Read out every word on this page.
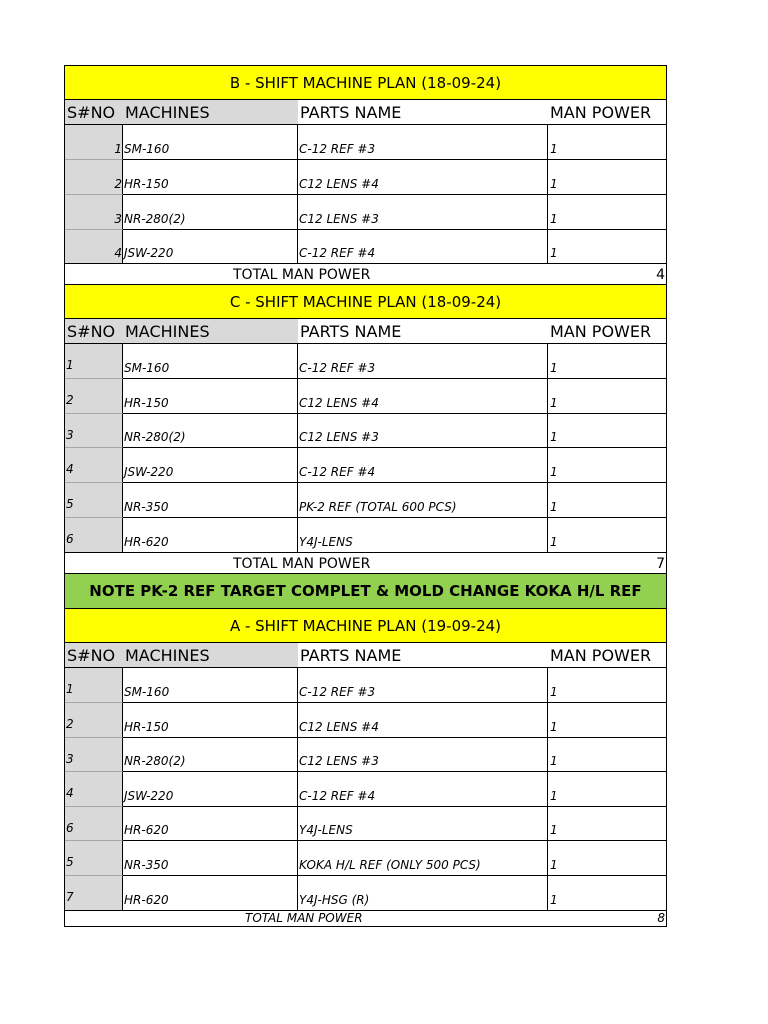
B - SHIFT MACHINE PLAN (18-09-24)
S#NO MACHINES	PARTS NAME	MAN POWER
1 SM-160	C-12 REF #3	1
2 HR-150	C12 LENS #4	1
3 NR-280(2)	C12 LENS #3	1
4 JSW-220	C-12 REF #4	1
TOTAL MAN POWER	4
C - SHIFT MACHINE PLAN (18-09-24)
S#NO MACHINES	PARTS NAME	MAN POWER
1	SM-160	C-12 REF #3	1
2	HR-150	C12 LENS #4	1
3	NR-280(2)	C12 LENS #3	1
4	JSW-220	C-12 REF #4	1
5	NR-350	PK-2 REF (TOTAL 600 PCS)	1
6	HR-620	Y4J-LENS	1
TOTAL MAN POWER	7
NOTE PK-2 REF TARGET COMPLET & MOLD CHANGE KOKA H/L REF
A - SHIFT MACHINE PLAN (19-09-24)
S#NO MACHINES	PARTS NAME	MAN POWER
1	SM-160	C-12 REF #3	1
2	HR-150	C12 LENS #4	1
3	NR-280(2)	C12 LENS #3	1
4	JSW-220	C-12 REF #4	1
6	HR-620	Y4J-LENS	1
5	NR-350	KOKA H/L REF (ONLY 500 PCS)	1
7	HR-620	Y4J-HSG (R)	1
TOTAL MAN POWER	8
